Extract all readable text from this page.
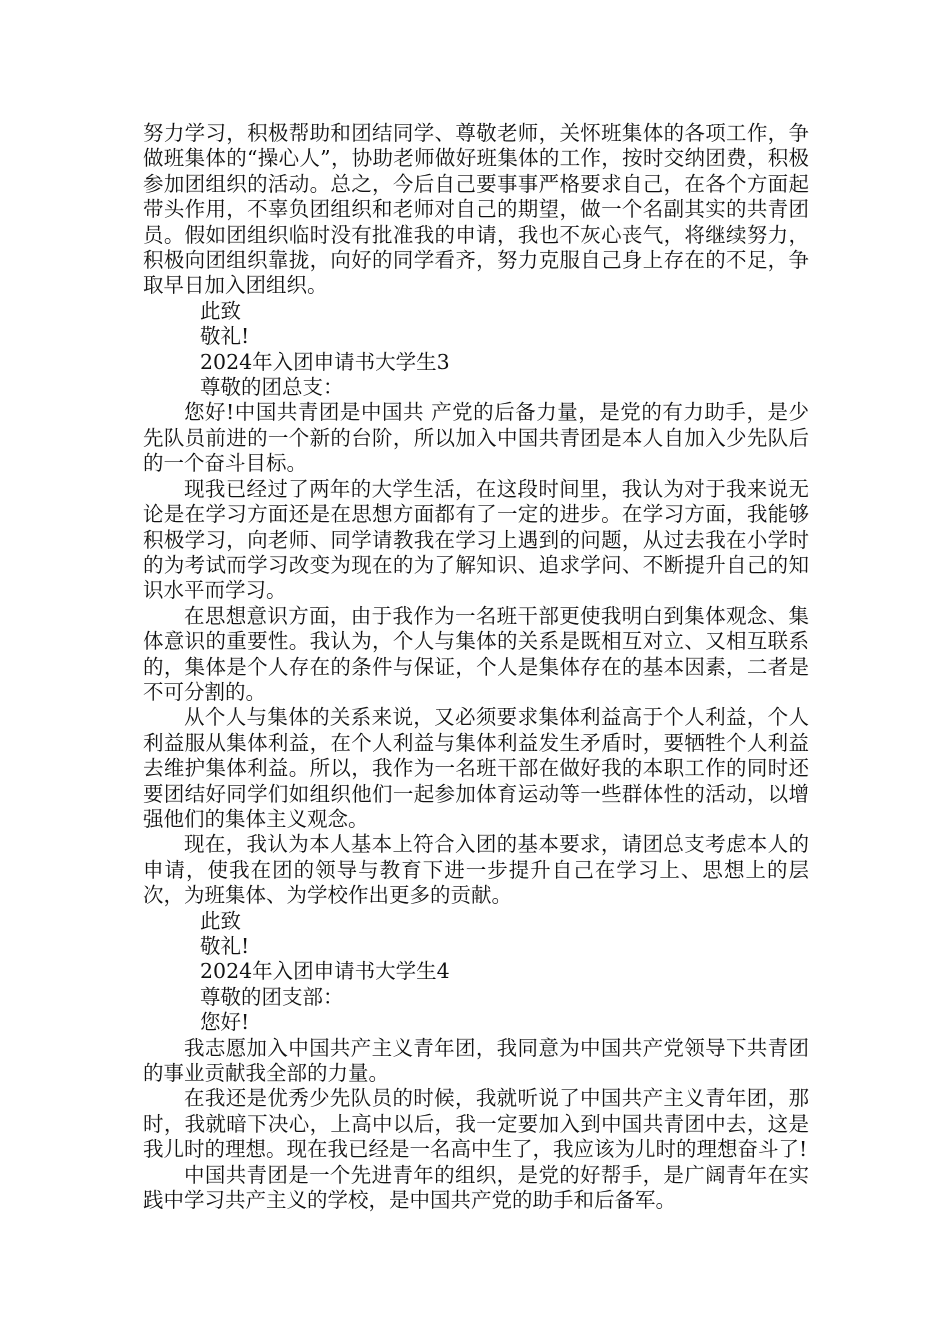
努力学习，积极帮助和团结同学、尊敬老师，关怀班集体的各项工作，争做班集体的“操心人”，协助老师做好班集体的工作，按时交纳团费，积极参加团组织的活动。总之，今后自己要事事严格要求自己，在各个方面起带头作用，不辜负团组织和老师对自己的期望，做一个名副其实的共青团员。假如团组织临时没有批准我的申请，我也不灰心丧气，将继续努力，积极向团组织靠拢，向好的同学看齐，努力克服自己身上存在的不足，争取早日加入团组织。

此致

敬礼!

2024年入团申请书大学生3

尊敬的团总支：

您好!中国共青团是中国共 产党的后备力量，是党的有力助手，是少先队员前进的一个新的台阶，所以加入中国共青团是本人自加入少先队后的一个奋斗目标。

现我已经过了两年的大学生活，在这段时间里，我认为对于我来说无论是在学习方面还是在思想方面都有了一定的进步。在学习方面，我能够积极学习，向老师、同学请教我在学习上遇到的问题，从过去我在小学时的为考试而学习改变为现在的为了解知识、追求学问、不断提升自己的知识水平而学习。

在思想意识方面，由于我作为一名班干部更使我明白到集体观念、集体意识的重要性。我认为，个人与集体的关系是既相互对立、又相互联系的，集体是个人存在的条件与保证，个人是集体存在的基本因素，二者是不可分割的。

从个人与集体的关系来说，又必须要求集体利益高于个人利益，个人利益服从集体利益，在个人利益与集体利益发生矛盾时，要牺牲个人利益去维护集体利益。所以，我作为一名班干部在做好我的本职工作的同时还要团结好同学们如组织他们一起参加体育运动等一些群体性的活动，以增强他们的集体主义观念。

现在，我认为本人基本上符合入团的基本要求，请团总支考虑本人的申请，使我在团的领导与教育下进一步提升自己在学习上、思想上的层次，为班集体、为学校作出更多的贡献。

此致

敬礼!

2024年入团申请书大学生4

尊敬的团支部：

您好!

我志愿加入中国共产主义青年团，我同意为中国共产党领导下共青团的事业贡献我全部的力量。

在我还是优秀少先队员的时候，我就听说了中国共产主义青年团，那时，我就暗下决心，上高中以后，我一定要加入到中国共青团中去，这是我儿时的理想。现在我已经是一名高中生了，我应该为儿时的理想奋斗了!

中国共青团是一个先进青年的组织，是党的好帮手，是广阔青年在实践中学习共产主义的学校，是中国共产党的助手和后备军。
